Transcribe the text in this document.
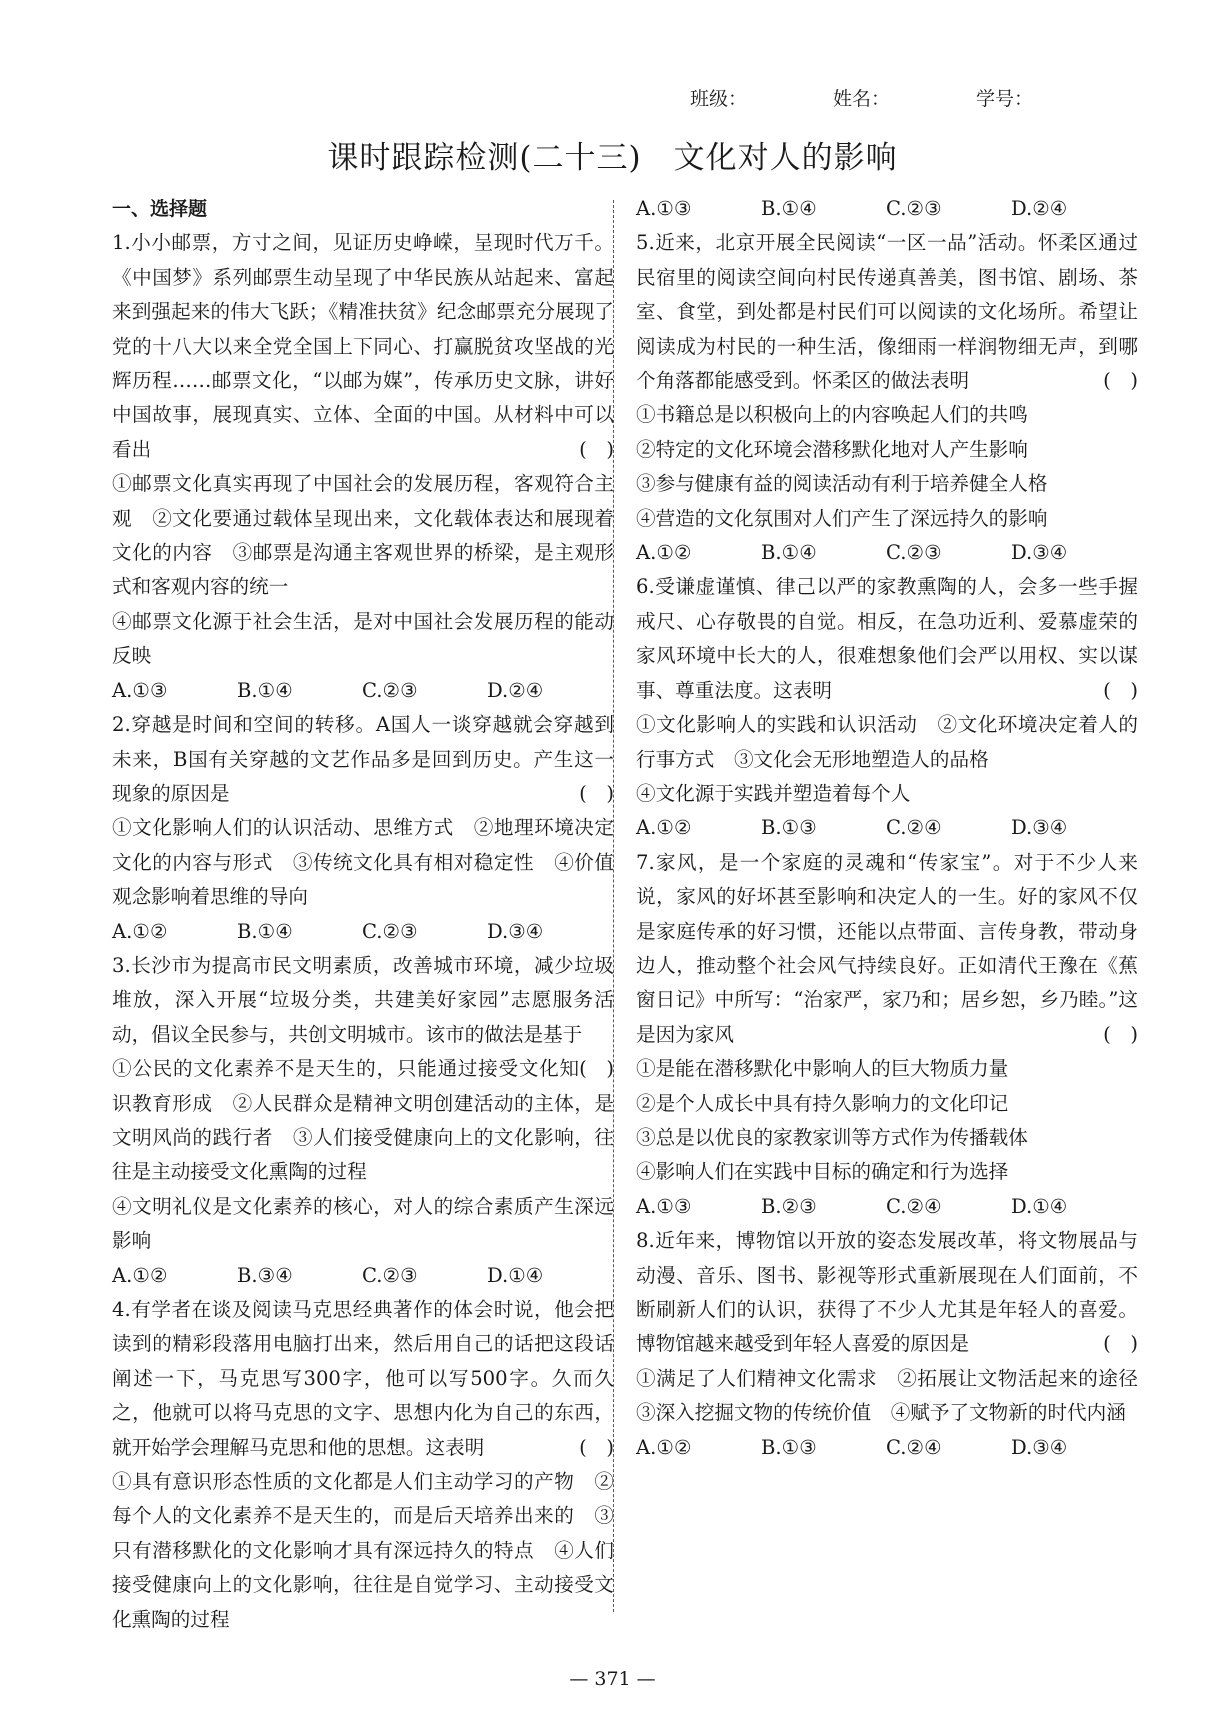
班级：	姓名：	学号：
课时跟踪检测(二十三)　文化对人的影响
一、选择题

1.小小邮票，方寸之间，见证历史峥嵘，呈现时代万千。《中国梦》系列邮票生动呈现了中华民族从站起来、富起来到强起来的伟大飞跃；《精准扶贫》纪念邮票充分展现了党的十八大以来全党全国上下同心、打赢脱贫攻坚战的光辉历程……邮票文化，“以邮为媒”，传承历史文脉，讲好中国故事，展现真实、立体、全面的中国。从材料中可以看出	(　)

①邮票文化真实再现了中国社会的发展历程，客观符合主观　②文化要通过载体呈现出来，文化载体表达和展现着文化的内容　③邮票是沟通主客观世界的桥梁，是主观形式和客观内容的统一

④邮票文化源于社会生活，是对中国社会发展历程的能动反映

A.①③	B.①④	C.②③	D.②④

2.穿越是时间和空间的转移。A国人一谈穿越就会穿越到未来，B国有关穿越的文艺作品多是回到历史。产生这一现象的原因是	(　)

①文化影响人们的认识活动、思维方式　②地理环境决定文化的内容与形式　③传统文化具有相对稳定性　④价值观念影响着思维的导向

A.①②	B.①④	C.②③	D.③④

3.长沙市为提高市民文明素质，改善城市环境，减少垃圾堆放，深入开展“垃圾分类，共建美好家园”志愿服务活动，倡议全民参与，共创文明城市。该市的做法是基于
(　)

①公民的文化素养不是天生的，只能通过接受文化知识教育形成　②人民群众是精神文明创建活动的主体，是文明风尚的践行者　③人们接受健康向上的文化影响，往往是主动接受文化熏陶的过程

④文明礼仪是文化素养的核心，对人的综合素质产生深远影响

A.①②	B.③④	C.②③	D.①④

4.有学者在谈及阅读马克思经典著作的体会时说，他会把读到的精彩段落用电脑打出来，然后用自己的话把这段话阐述一下，马克思写300字，他可以写500字。久而久之，他就可以将马克思的文字、思想内化为自己的东西，就开始学会理解马克思和他的思想。这表明	(　)

①具有意识形态性质的文化都是人们主动学习的产物　②每个人的文化素养不是天生的，而是后天培养出来的　③只有潜移默化的文化影响才具有深远持久的特点　④人们接受健康向上的文化影响，往往是自觉学习、主动接受文化熏陶的过程

A.①③	B.①④	C.②③	D.②④

5.近来，北京开展全民阅读“一区一品”活动。怀柔区通过民宿里的阅读空间向村民传递真善美，图书馆、剧场、茶室、食堂，到处都是村民们可以阅读的文化场所。希望让阅读成为村民的一种生活，像细雨一样润物细无声，到哪个角落都能感受到。怀柔区的做法表明	(　)

①书籍总是以积极向上的内容唤起人们的共鸣

②特定的文化环境会潜移默化地对人产生影响

③参与健康有益的阅读活动有利于培养健全人格

④营造的文化氛围对人们产生了深远持久的影响

A.①②	B.①④	C.②③	D.③④

6.受谦虚谨慎、律己以严的家教熏陶的人，会多一些手握戒尺、心存敬畏的自觉。相反，在急功近利、爱慕虚荣的家风环境中长大的人，很难想象他们会严以用权、实以谋事、尊重法度。这表明	(　)

①文化影响人的实践和认识活动　②文化环境决定着人的行事方式　③文化会无形地塑造人的品格

④文化源于实践并塑造着每个人

A.①②	B.①③	C.②④	D.③④

7.家风，是一个家庭的灵魂和“传家宝”。对于不少人来说，家风的好坏甚至影响和决定人的一生。好的家风不仅是家庭传承的好习惯，还能以点带面、言传身教，带动身边人，推动整个社会风气持续良好。正如清代王豫在《蕉窗日记》中所写：“治家严，家乃和；居乡恕，乡乃睦。”这是因为家风	(　)

①是能在潜移默化中影响人的巨大物质力量

②是个人成长中具有持久影响力的文化印记

③总是以优良的家教家训等方式作为传播载体

④影响人们在实践中目标的确定和行为选择

A.①③	B.②③	C.②④	D.①④

8.近年来，博物馆以开放的姿态发展改革，将文物展品与动漫、音乐、图书、影视等形式重新展现在人们面前，不断刷新人们的认识，获得了不少人尤其是年轻人的喜爱。博物馆越来越受到年轻人喜爱的原因是	(　)

①满足了人们精神文化需求　②拓展让文物活起来的途径　③深入挖掘文物的传统价值　④赋予了文物新的时代内涵

A.①②	B.①③	C.②④	D.③④
— 371 —
